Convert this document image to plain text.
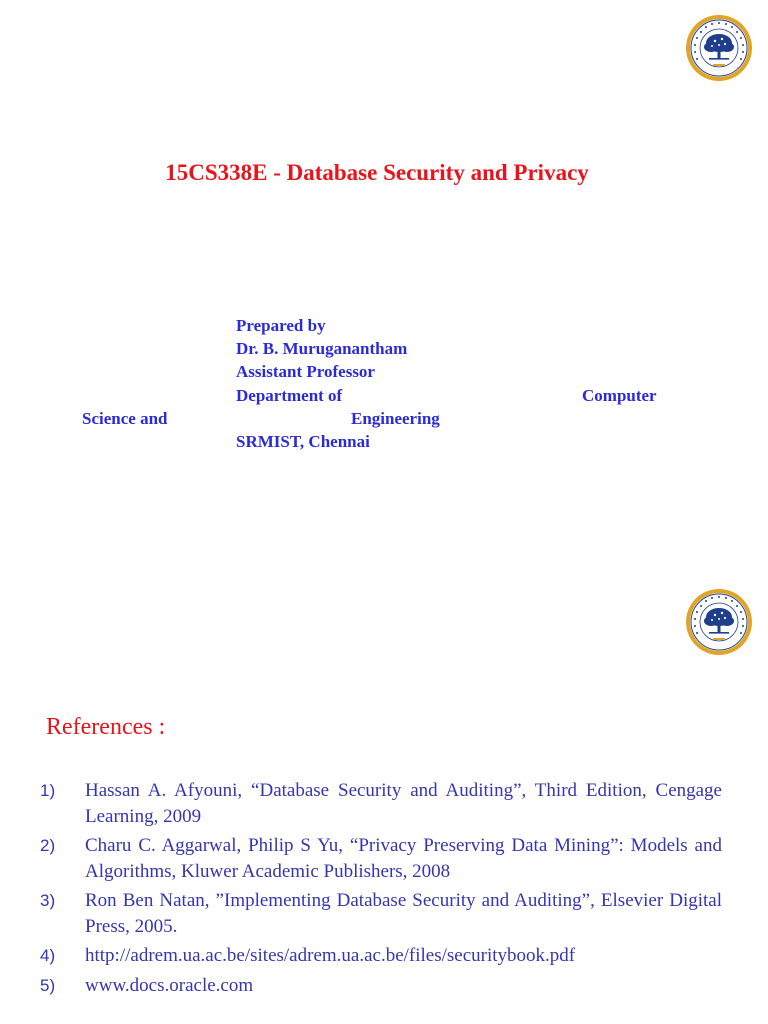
15CS338E - Database Security and Privacy
Prepared by
Dr. B. Muruganantham
Assistant Professor
Department of	Computer
Science and	Engineering
SRMIST, Chennai
References :
1) Hassan A. Afyouni, “Database Security and Auditing”, Third Edition, Cengage Learning, 2009
2) Charu C. Aggarwal, Philip S Yu, “Privacy Preserving Data Mining”: Models and Algorithms, Kluwer Academic Publishers, 2008
3) Ron Ben Natan, ”Implementing Database Security and Auditing”, Elsevier Digital Press, 2005.
4) http://adrem.ua.ac.be/sites/adrem.ua.ac.be/files/securitybook.pdf
5) www.docs.oracle.com
